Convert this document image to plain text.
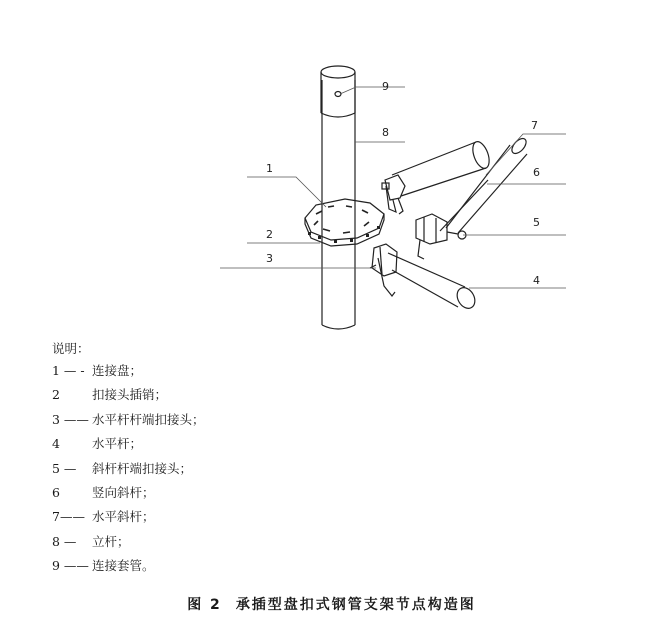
9
8
1
7
6
2
5
3
4
说明：
1 — - 连接盘；
2	扣接头插销；
3 —— 水平杆杆端扣接头；
4	水平杆；
5 —	斜杆杆端扣接头；
6	竖向斜杆；
7—— 水平斜杆；
8 —	立杆；
9 —— 连接套管。
图 2 承插型盘扣式钢管支架节点构造图
